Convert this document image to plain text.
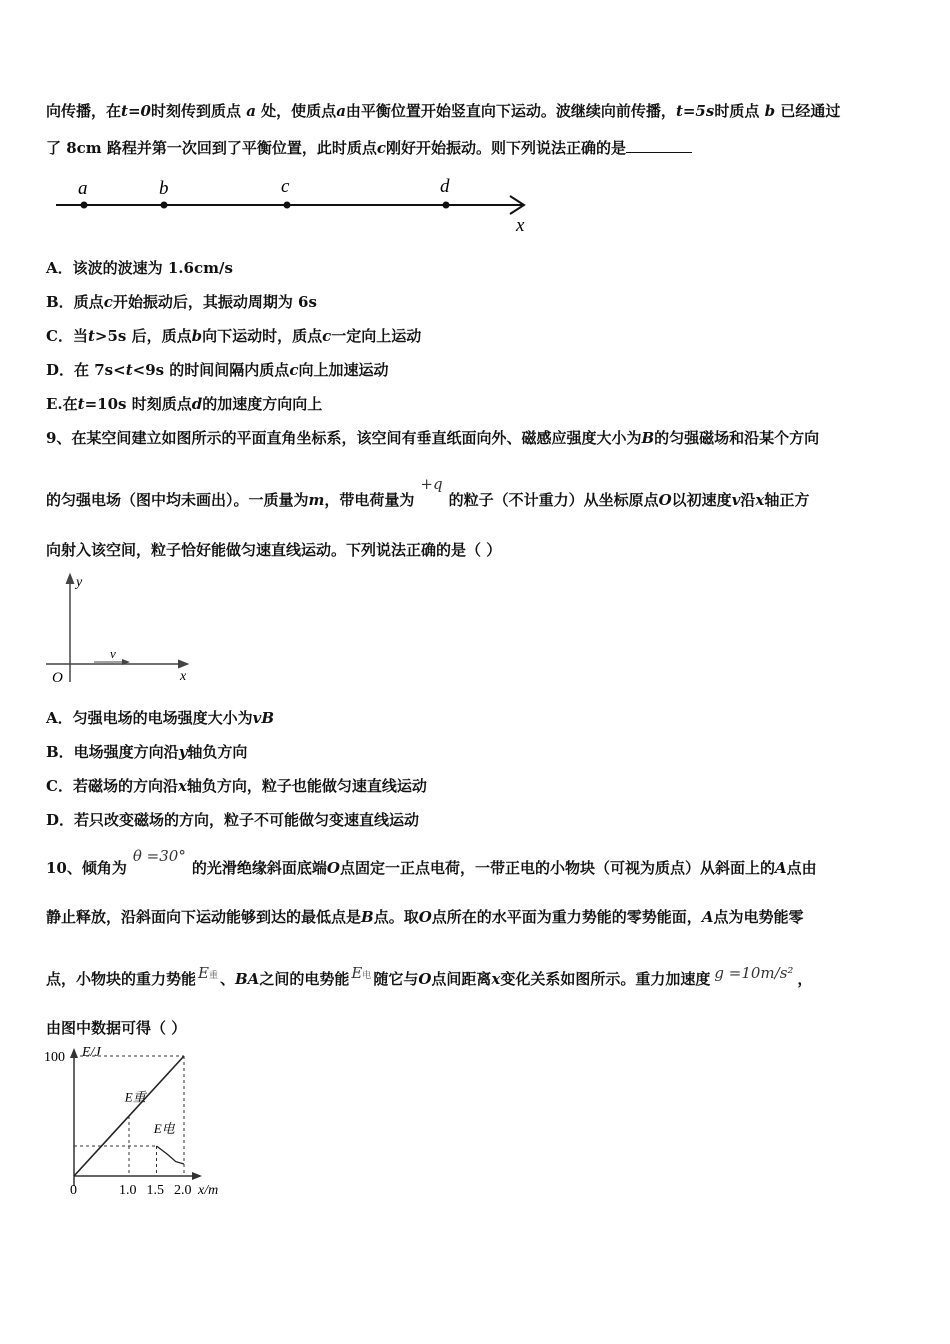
向传播，在t=0时刻传到质点 a 处，使质点a由平衡位置开始竖直向下运动。波继续向前传播，t=5s时质点 b 已经通过
了 8cm 路程并第一次回到了平衡位置，此时质点c刚好开始振动。则下列说法正确的是
a	b	c	d
x
A．该波的波速为 1.6cm/s
B．质点c开始振动后，其振动周期为 6s
C．当t>5s 后，质点b向下运动时，质点c一定向上运动
D．在 7s<t<9s 的时间间隔内质点c向上加速运动
E.在t=10s 时刻质点d的加速度方向向上
9、在某空间建立如图所示的平面直角坐标系，该空间有垂直纸面向外、磁感应强度大小为B的匀强磁场和沿某个方向
的匀强电场（图中均未画出）。一质量为m，带电荷量为+q的粒子（不计重力）从坐标原点O以初速度v沿x轴正方
向射入该空间，粒子恰好能做匀速直线运动。下列说法正确的是（ ）
y
O	x
v
A．匀强电场的电场强度大小为vB
B．电场强度方向沿y轴负方向
C．若磁场的方向沿x轴负方向，粒子也能做匀速直线运动
D．若只改变磁场的方向，粒子不可能做匀变速直线运动
10、倾角为θ =30°的光滑绝缘斜面底端O点固定一正点电荷，一带正电的小物块（可视为质点）从斜面上的A点由
静止释放，沿斜面向下运动能够到达的最低点是B点。取O点所在的水平面为重力势能的零势能面，A点为电势能零
点，小物块的重力势能 E重 、BA之间的电势能 E电 随它与O点间距离x变化关系如图所示。重力加速度 g =10m/s² ，
由图中数据可得（ ）
0	1.0 1.5 2.0
100
E重
E电
E/J
x/m
